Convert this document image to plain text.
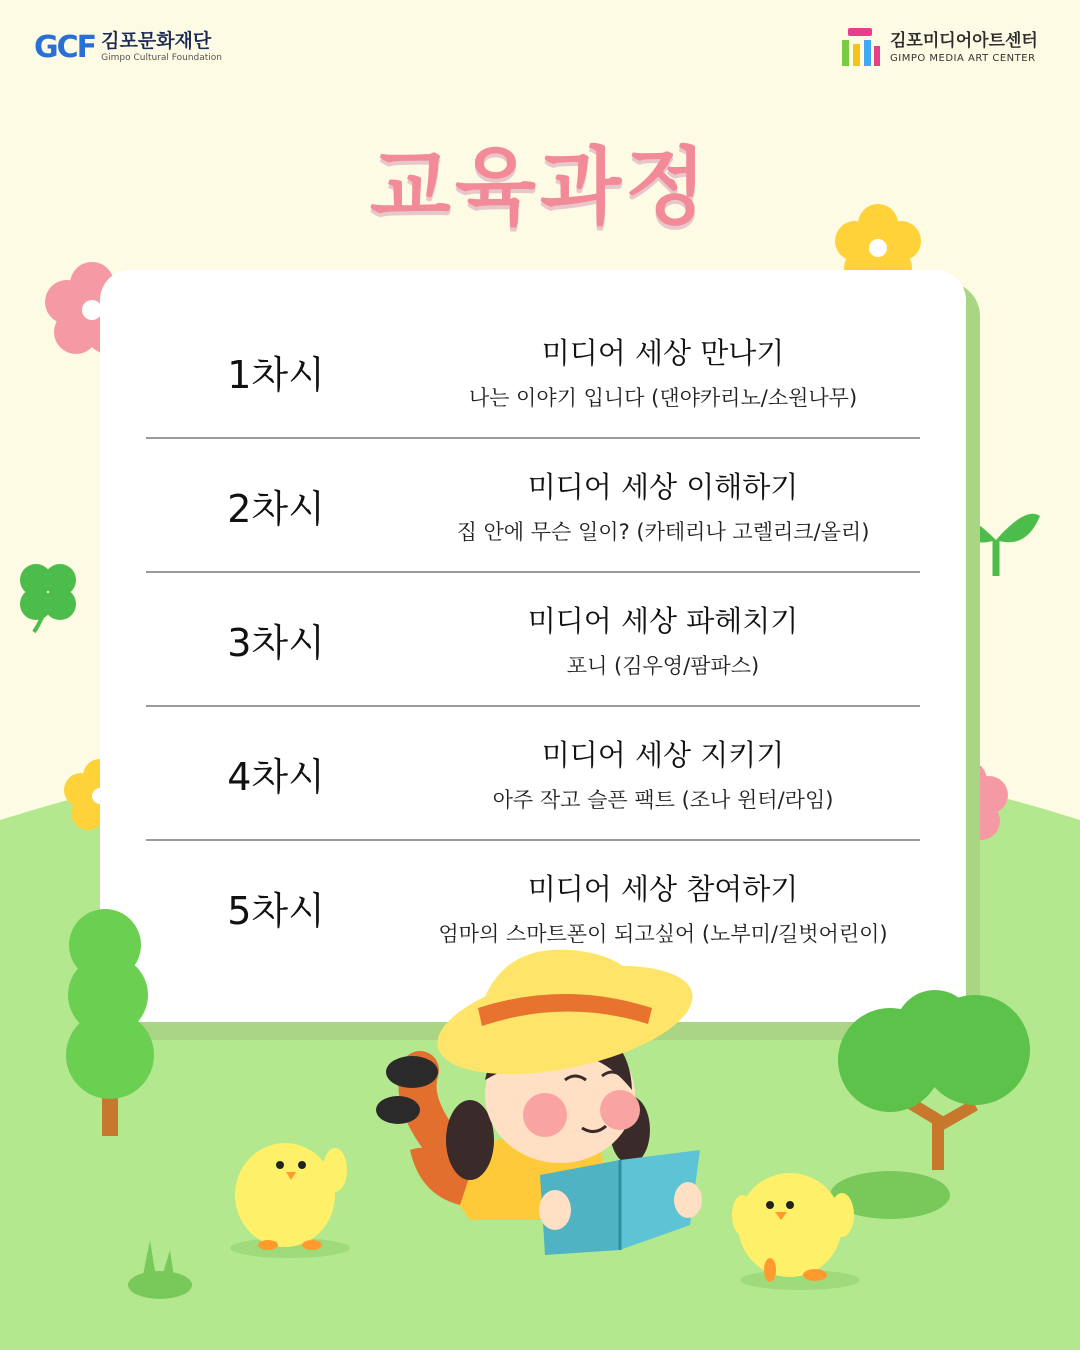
GCF 김포문화재단
Gimpo Cultural Foundation
김포미디어아트센터
GIMPO MEDIA ART CENTER
교육과정
1차시	미디어 세상 만나기
나는 이야기 입니다 (댄야카리노/소원나무)
2차시	미디어 세상 이해하기
집 안에 무슨 일이? (카테리나 고렐리크/올리)
3차시	미디어 세상 파헤치기
포니 (김우영/팜파스)
4차시	미디어 세상 지키기
아주 작고 슬픈 팩트 (조나 윈터/라임)
5차시	미디어 세상 참여하기
엄마의 스마트폰이 되고싶어 (노부미/길벗어린이)
